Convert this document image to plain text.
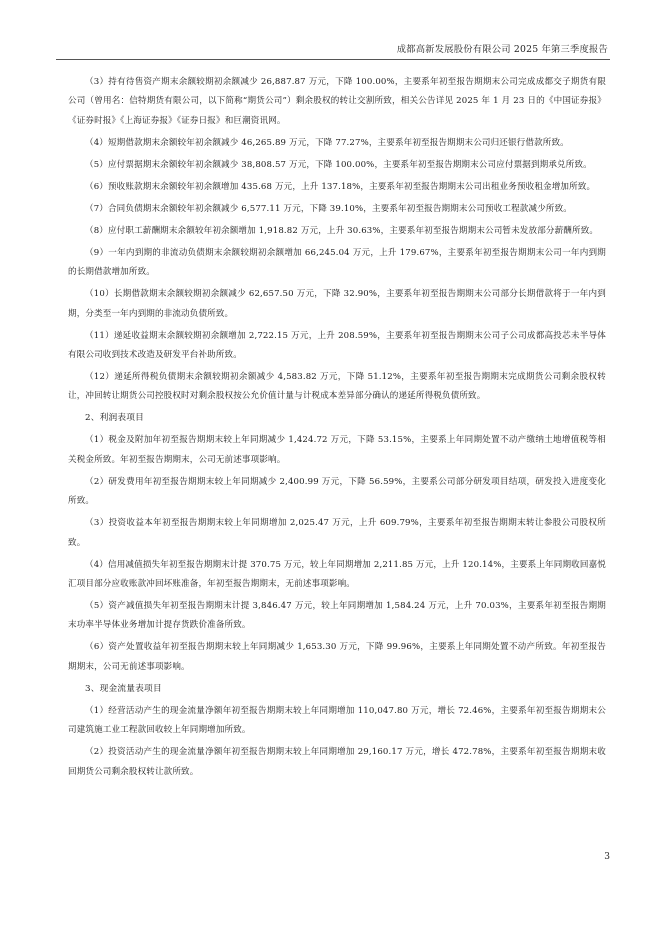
成都高新发展股份有限公司 2025 年第三季度报告

（3）持有待售资产期末余额较期初余额减少 26,887.87 万元，下降 100.00%，主要系年初至报告期期末公司完成成都交子期货有限公司（曾用名：信特期货有限公司，以下简称“期货公司”）剩余股权的转让交割所致，相关公告详见 2025 年 1 月 23 日的《中国证券报》《证券时报》《上海证券报》《证券日报》和巨潮资讯网。

（4）短期借款期末余额较年初余额减少 46,265.89 万元，下降 77.27%，主要系年初至报告期期末公司归还银行借款所致。

（5）应付票据期末余额较年初余额减少 38,808.57 万元，下降 100.00%，主要系年初至报告期期末公司应付票据到期承兑所致。

（6）预收账款期末余额较年初余额增加 435.68 万元，上升 137.18%，主要系年初至报告期期末公司出租业务预收租金增加所致。

（7）合同负债期末余额较年初余额减少 6,577.11 万元，下降 39.10%，主要系年初至报告期期末公司预收工程款减少所致。

（8）应付职工薪酬期末余额较年初余额增加 1,918.82 万元，上升 30.63%，主要系年初至报告期期末公司暂未发放部分薪酬所致。

（9）一年内到期的非流动负债期末余额较期初余额增加 66,245.04 万元，上升 179.67%，主要系年初至报告期期末公司一年内到期的长期借款增加所致。

（10）长期借款期末余额较期初余额减少 62,657.50 万元，下降 32.90%，主要系年初至报告期期末公司部分长期借款将于一年内到期，分类至一年内到期的非流动负债所致。

（11）递延收益期末余额较期初余额增加 2,722.15 万元，上升 208.59%，主要系年初至报告期期末公司子公司成都高投芯未半导体有限公司收到技术改造及研发平台补助所致。

（12）递延所得税负债期末余额较期初余额减少 4,583.82 万元，下降 51.12%，主要系年初至报告期期末完成期货公司剩余股权转让，冲回转让期货公司控股权时对剩余股权按公允价值计量与计税成本差异部分确认的递延所得税负债所致。

2、利润表项目

（1）税金及附加年初至报告期期末较上年同期减少 1,424.72 万元，下降 53.15%，主要系上年同期处置不动产缴纳土地增值税等相关税金所致。年初至报告期期末，公司无前述事项影响。

（2）研发费用年初至报告期期末较上年同期减少 2,400.99 万元，下降 56.59%，主要系公司部分研发项目结项，研发投入进度变化所致。

（3）投资收益本年初至报告期期末较上年同期增加 2,025.47 万元，上升 609.79%，主要系年初至报告期期末转让参股公司股权所致。

（4）信用减值损失年初至报告期期末计提 370.75 万元，较上年同期增加 2,211.85 万元，上升 120.14%，主要系上年同期收回嘉悦汇项目部分应收账款冲回坏账准备，年初至报告期期末，无前述事项影响。

（5）资产减值损失年初至报告期期末计提 3,846.47 万元，较上年同期增加 1,584.24 万元，上升 70.03%，主要系年初至报告期期末功率半导体业务增加计提存货跌价准备所致。

（6）资产处置收益年初至报告期期末较上年同期减少 1,653.30 万元，下降 99.96%，主要系上年同期处置不动产所致。年初至报告期期末，公司无前述事项影响。

3、现金流量表项目

（1）经营活动产生的现金流量净额年初至报告期期末较上年同期增加 110,047.80 万元，增长 72.46%，主要系年初至报告期期末公司建筑施工业工程款回收较上年同期增加所致。

（2）投资活动产生的现金流量净额年初至报告期期末较上年同期增加 29,160.17 万元，增长 472.78%，主要系年初至报告期期末收回期货公司剩余股权转让款所致。

3
